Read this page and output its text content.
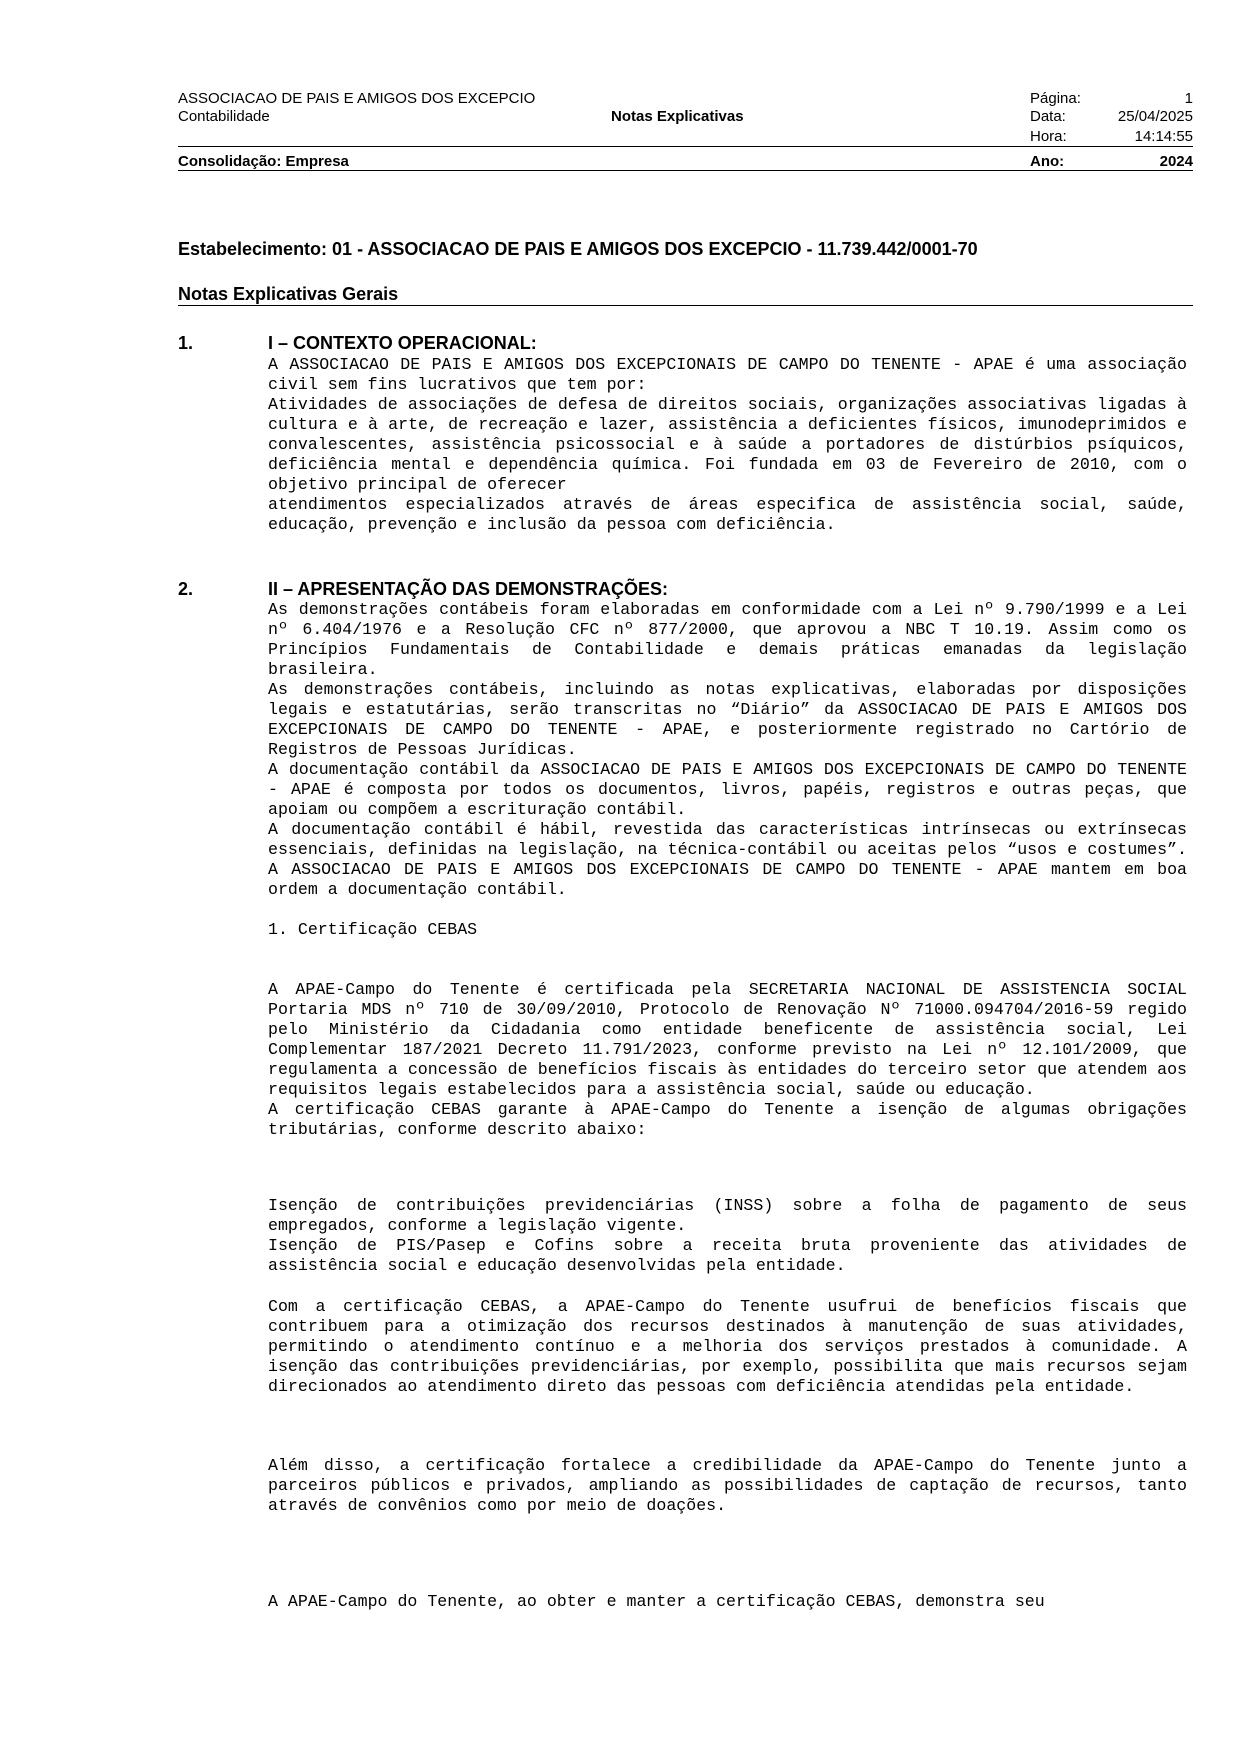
ASSOCIACAO DE PAIS E AMIGOS DOS EXCEPCIO
Contabilidade	Notas Explicativas
Página:	1
Data:	25/04/2025
Hora:	14:14:55
Consolidação: Empresa	Ano:	2024
Estabelecimento: 01 - ASSOCIACAO DE PAIS E AMIGOS DOS EXCEPCIO - 11.739.442/0001-70
Notas Explicativas Gerais
1.	I – CONTEXTO OPERACIONAL:

A ASSOCIACAO DE PAIS E AMIGOS DOS EXCEPCIONAIS DE CAMPO DO TENENTE - APAE é uma associação civil sem fins lucrativos que tem por:

Atividades de associações de defesa de direitos sociais, organizações associativas ligadas à cultura e à arte, de recreação e lazer, assistência a deficientes físicos, imunodeprimidos e convalescentes, assistência psicossocial e à saúde a portadores de distúrbios psíquicos, deficiência mental e dependência química. Foi fundada em 03 de Fevereiro de 2010, com o objetivo principal de oferecer

atendimentos especializados através de áreas especifica de assistência social, saúde, educação, prevenção e inclusão da pessoa com deficiência.

2.	II – APRESENTAÇÃO DAS DEMONSTRAÇÕES:

As demonstrações contábeis foram elaboradas em conformidade com a Lei nº 9.790/1999 e a Lei nº 6.404/1976 e a Resolução CFC nº 877/2000, que aprovou a NBC T 10.19. Assim como os Princípios Fundamentais de Contabilidade e demais práticas emanadas da legislação brasileira.

As demonstrações contábeis, incluindo as notas explicativas, elaboradas por disposições legais e estatutárias, serão transcritas no “Diário” da ASSOCIACAO DE PAIS E AMIGOS DOS EXCEPCIONAIS DE CAMPO DO TENENTE - APAE, e posteriormente registrado no Cartório de Registros de Pessoas Jurídicas.

A documentação contábil da ASSOCIACAO DE PAIS E AMIGOS DOS EXCEPCIONAIS DE CAMPO DO TENENTE - APAE é composta por todos os documentos, livros, papéis, registros e outras peças, que apoiam ou compõem a escrituração contábil.

A documentação contábil é hábil, revestida das características intrínsecas ou extrínsecas essenciais, definidas na legislação, na técnica-contábil ou aceitas pelos “usos e costumes”. A ASSOCIACAO DE PAIS E AMIGOS DOS EXCEPCIONAIS DE CAMPO DO TENENTE - APAE mantem em boa ordem a documentação contábil.

1. Certificação CEBAS

A APAE-Campo do Tenente é certificada pela SECRETARIA NACIONAL DE ASSISTENCIA SOCIAL Portaria MDS nº 710 de 30/09/2010, Protocolo de Renovação Nº 71000.094704/2016-59 regido pelo Ministério da Cidadania como entidade beneficente de assistência social, Lei Complementar 187/2021 Decreto 11.791/2023, conforme previsto na Lei nº 12.101/2009, que regulamenta a concessão de benefícios fiscais às entidades do terceiro setor que atendem aos requisitos legais estabelecidos para a assistência social, saúde ou educação.

A certificação CEBAS garante à APAE-Campo do Tenente a isenção de algumas obrigações tributárias, conforme descrito abaixo:

Isenção de contribuições previdenciárias (INSS) sobre a folha de pagamento de seus empregados, conforme a legislação vigente.

Isenção de PIS/Pasep e Cofins sobre a receita bruta proveniente das atividades de assistência social e educação desenvolvidas pela entidade.

Com a certificação CEBAS, a APAE-Campo do Tenente usufrui de benefícios fiscais que contribuem para a otimização dos recursos destinados à manutenção de suas atividades, permitindo o atendimento contínuo e a melhoria dos serviços prestados à comunidade. A isenção das contribuições previdenciárias, por exemplo, possibilita que mais recursos sejam direcionados ao atendimento direto das pessoas com deficiência atendidas pela entidade.

Além disso, a certificação fortalece a credibilidade da APAE-Campo do Tenente junto a parceiros públicos e privados, ampliando as possibilidades de captação de recursos, tanto através de convênios como por meio de doações.

A APAE-Campo do Tenente, ao obter e manter a certificação CEBAS, demonstra seu
